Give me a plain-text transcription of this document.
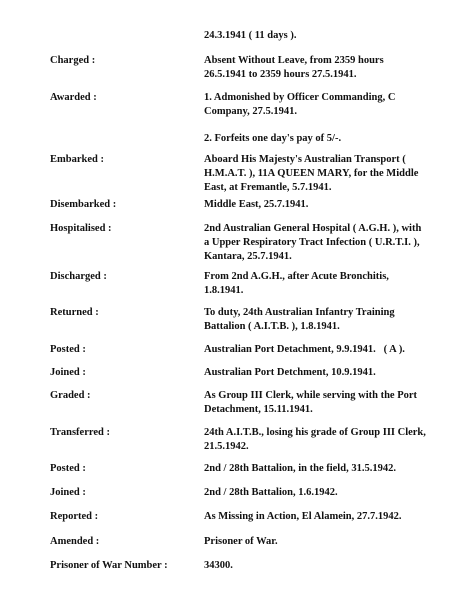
24.3.1941 ( 11 days ).

Charged :	Absent Without Leave, from 2359 hours 26.5.1941 to 2359 hours 27.5.1941.

Awarded :	1. Admonished by Officer Commanding, C Company, 27.5.1941.

2. Forfeits one day's pay of 5/-.

Embarked :	Aboard His Majesty's Australian Transport ( H.M.A.T. ), 11A QUEEN MARY, for the Middle East, at Fremantle, 5.7.1941.

Disembarked :	Middle East, 25.7.1941.

Hospitalised :	2nd Australian General Hospital ( A.G.H. ), with a Upper Respiratory Tract Infection ( U.R.T.I. ), Kantara, 25.7.1941.

Discharged :	From 2nd A.G.H., after Acute Bronchitis, 1.8.1941.

Returned :	To duty, 24th Australian Infantry Training Battalion ( A.I.T.B. ), 1.8.1941.

Posted :	Australian Port Detachment, 9.9.1941.   ( A ).

Joined :	Australian Port Detchment, 10.9.1941.

Graded :	As Group III Clerk, while serving with the Port Detachment, 15.11.1941.

Transferred :	24th A.I.T.B., losing his grade of Group III Clerk, 21.5.1942.

Posted :	2nd / 28th Battalion, in the field, 31.5.1942.

Joined :	2nd / 28th Battalion, 1.6.1942.

Reported :	As Missing in Action, El Alamein, 27.7.1942.

Amended :	Prisoner of War.

Prisoner of War Number :	34300.
